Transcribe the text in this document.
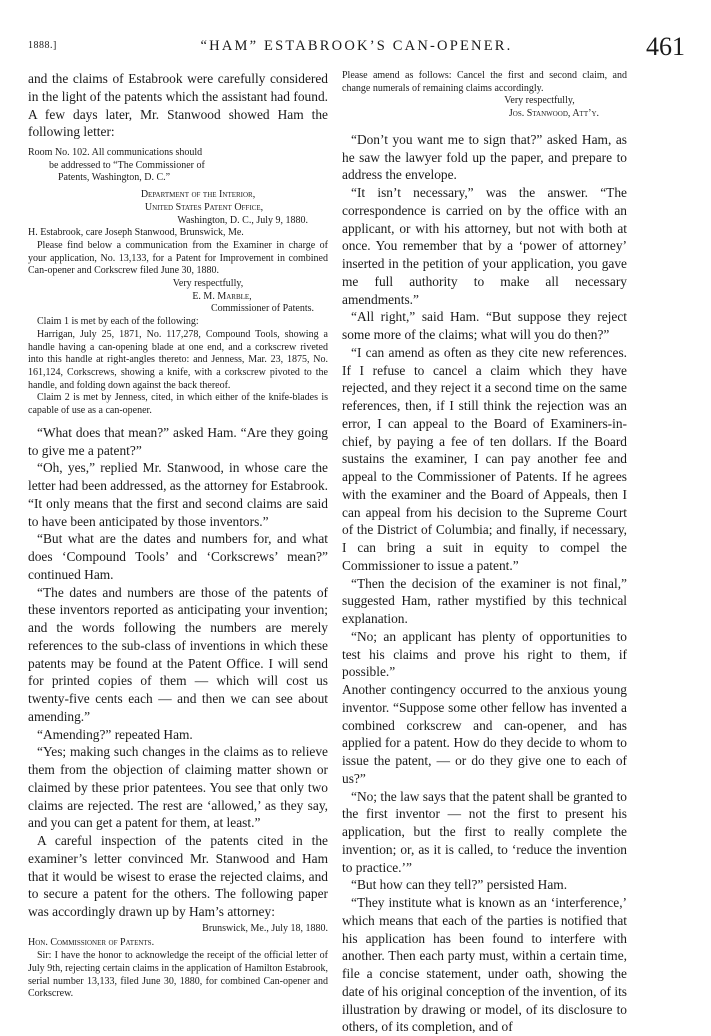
1888.]	“HAM” ESTABROOK’S CAN-OPENER.	461

and the claims of Estabrook were carefully considered in the light of the patents which the assistant had found. A few days later, Mr. Stanwood showed Ham the following letter:

Room No. 102. All communications should

be addressed to “The Commissioner of

Patents, Washington, D. C.”

Department of the Interior,

United States Patent Office,

Washington, D. C., July 9, 1880.

H. Estabrook, care Joseph Stanwood, Brunswick, Me.

Please find below a communication from the Examiner in charge of your application, No. 13,133, for a Patent for Improvement in combined Can-opener and Corkscrew filed June 30, 1880.

Very respectfully,

E. M. Marble,

Commissioner of Patents.

Claim 1 is met by each of the following:

Harrigan, July 25, 1871, No. 117,278, Compound Tools, showing a handle having a can-opening blade at one end, and a corkscrew riveted into this handle at right-angles thereto: and Jenness, Mar. 23, 1875, No. 161,124, Corkscrews, showing a knife, with a corkscrew pivoted to the handle, and folding down against the back thereof.

Claim 2 is met by Jenness, cited, in which either of the knife-blades is capable of use as a can-opener.

“What does that mean?” asked Ham. “Are they going to give me a patent?”

“Oh, yes,” replied Mr. Stanwood, in whose care the letter had been addressed, as the attorney for Estabrook. “It only means that the first and second claims are said to have been anticipated by those inventors.”

“But what are the dates and numbers for, and what does ‘Compound Tools’ and ‘Corkscrews’ mean?” continued Ham.

“The dates and numbers are those of the patents of these inventors reported as anticipating your invention; and the words following the numbers are merely references to the sub-class of inventions in which these patents may be found at the Patent Office. I will send for printed copies of them — which will cost us twenty-five cents each — and then we can see about amending.”

“Amending?” repeated Ham.

“Yes; making such changes in the claims as to relieve them from the objection of claiming matter shown or claimed by these prior patentees. You see that only two claims are rejected. The rest are ‘allowed,’ as they say, and you can get a patent for them, at least.”

A careful inspection of the patents cited in the examiner’s letter convinced Mr. Stanwood and Ham that it would be wisest to erase the rejected claims, and to secure a patent for the others. The following paper was accordingly drawn up by Ham’s attorney:

Brunswick, Me., July 18, 1880.

Hon. Commissioner of Patents.

Sir: I have the honor to acknowledge the receipt of the official letter of July 9th, rejecting certain claims in the application of Hamilton Estabrook, serial number 13,133, filed June 30, 1880, for combined Can-opener and Corkscrew.

Please amend as follows: Cancel the first and second claim, and change numerals of remaining claims accordingly.

Very respectfully,

Jos. Stanwood, Att’y.

“Don’t you want me to sign that?” asked Ham, as he saw the lawyer fold up the paper, and prepare to address the envelope.

“It isn’t necessary,” was the answer. “The correspondence is carried on by the office with an applicant, or with his attorney, but not with both at once. You remember that by a ‘power of attorney’ inserted in the petition of your application, you gave me full authority to make all necessary amendments.”

“All right,” said Ham. “But suppose they reject some more of the claims; what will you do then?”

“I can amend as often as they cite new references. If I refuse to cancel a claim which they have rejected, and they reject it a second time on the same references, then, if I still think the rejection was an error, I can appeal to the Board of Examiners-in-chief, by paying a fee of ten dollars. If the Board sustains the examiner, I can pay another fee and appeal to the Commissioner of Patents. If he agrees with the examiner and the Board of Appeals, then I can appeal from his decision to the Supreme Court of the District of Columbia; and finally, if necessary, I can bring a suit in equity to compel the Commissioner to issue a patent.”

“Then the decision of the examiner is not final,” suggested Ham, rather mystified by this technical explanation.

“No; an applicant has plenty of opportunities to test his claims and prove his right to them, if possible.”

Another contingency occurred to the anxious young inventor. “Suppose some other fellow has invented a combined corkscrew and can-opener, and has applied for a patent. How do they decide to whom to issue the patent, — or do they give one to each of us?”

“No; the law says that the patent shall be granted to the first inventor — not the first to present his application, but the first to really complete the invention; or, as it is called, to ‘reduce the invention to practice.’”

“But how can they tell?” persisted Ham.

“They institute what is known as an ‘interference,’ which means that each of the parties is notified that his application has been found to interfere with another. Then each party must, within a certain time, file a concise statement, under oath, showing the date of his original conception of the invention, of its illustration by drawing or model, of its disclosure to others, of its completion, and of
